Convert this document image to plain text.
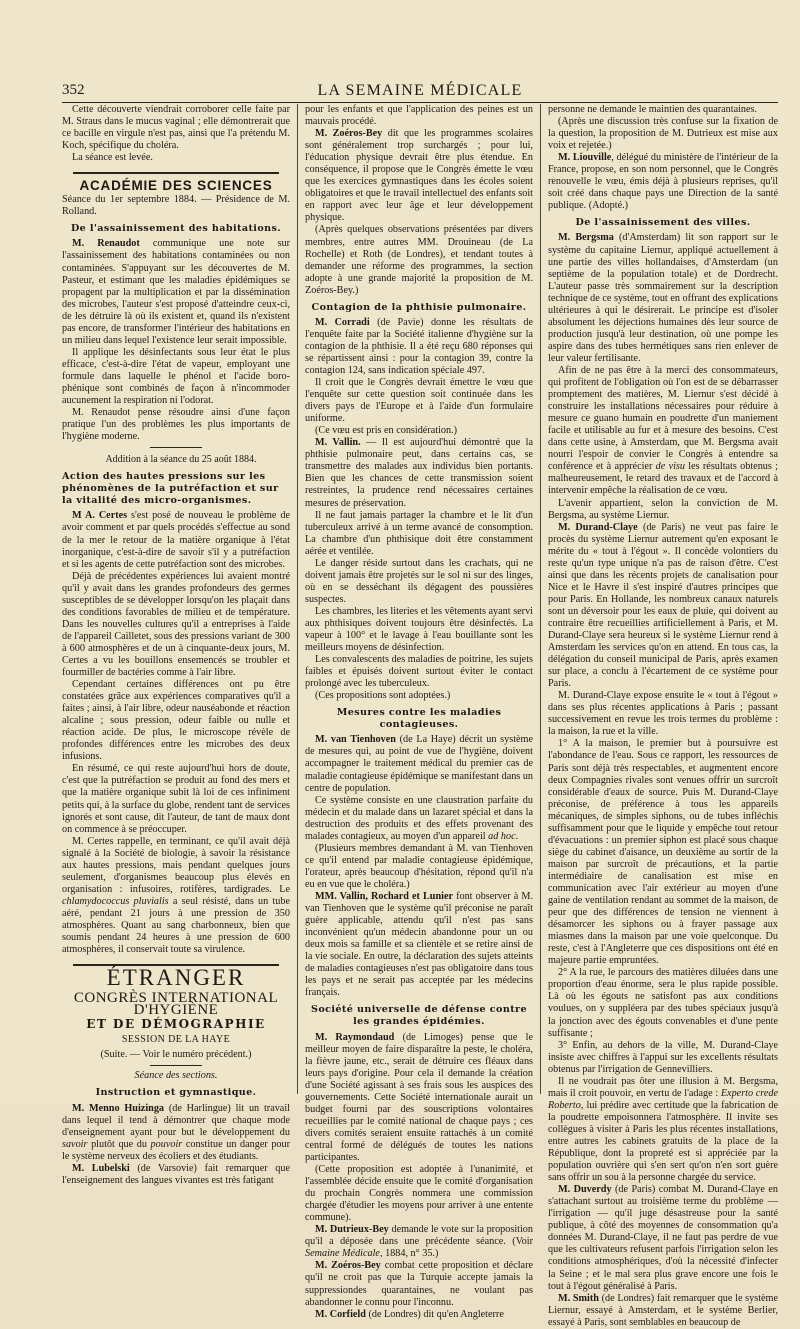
352	LA SEMAINE MÉDICALE

Cette découverte viendrait corroborer celle faite par M. Straus dans le mucus vaginal ; elle démontrerait que ce bacille en virgule n'est pas, ainsi que l'a prétendu M. Koch, spécifique du choléra.

La séance est levée.

ACADÉMIE DES SCIENCES

Séance du 1er septembre 1884. — Présidence de M. Rolland.

De l'assainissement des habitations.

M. Renaudot communique une note sur l'assainissement des habitations contaminées ou non contaminées. S'appuyant sur les découvertes de M. Pasteur, et estimant que les maladies épidémiques se propagent par la multiplication et par la dissémination des microbes, l'auteur s'est proposé d'atteindre ceux-ci, de les détruire là où ils existent et, quand ils n'existent pas encore, de transformer l'intérieur des habitations en un milieu dans lequel l'existence leur serait impossible.

Il applique les désinfectants sous leur état le plus efficace, c'est-à-dire l'état de vapeur, employant une formule dans laquelle le phénol et l'acide boro-phénique sont combinés de façon à n'incommoder aucunement la respiration ni l'odorat.

M. Renaudot pense résoudre ainsi d'une façon pratique l'un des problèmes les plus importants de l'hygiène moderne.

Addition à la séance du 25 août 1884.

Action des hautes pressions sur les phénomènes de la putréfaction et sur la vitalité des micro-organismes.

M A. Certes s'est posé de nouveau le problème de avoir comment et par quels procédés s'effectue au sond de la mer le retour de la matière organique à l'état inorganique, c'est-à-dire de savoir s'il y a putréfaction et si les agents de cette putréfaction sont des microbes.

Déjà de précédentes expériences lui avaient montré qu'il y avait dans les grandes profondeurs des germes susceptibles de se développer lorsqu'on les plaçait dans des conditions favorables de milieu et de température. Dans les nouvelles cultures qu'il a entreprises à l'aide de l'appareil Cailletet, sous des pressions variant de 300 à 600 atmosphères et de un à cinquante-deux jours, M. Certes a vu les bouillons ensemencés se troubler et fourmiller de bactéries comme à l'air libre.

Cependant certaines différences ont pu être constatées grâce aux expériences comparatives qu'il a faites ; ainsi, à l'air libre, odeur nauséabonde et réaction alcaline ; sous pression, odeur faible ou nulle et réaction acide. De plus, le microscope révèle de profondes différences entre les microbes des deux infusions.

En résumé, ce qui reste aujourd'hui hors de doute, c'est que la putréfaction se produit au fond des mers et que la matière organique subit là loi de ces infiniment petits qui, à la surface du globe, rendent tant de services ignorés et sont cause, dit l'auteur, de tant de maux dont on commence à se préoccuper.

M. Certes rappelle, en terminant, ce qu'il avait déjà signalé à la Société de biologie, à savoir la résistance aux hautes pressions, mais pendant quelques jours seulement, d'organismes beaucoup plus élevés en organisation : infusoires, rotifères, tardigrades. Le chlamydococcus pluvialis a seul résisté, dans un tube aéré, pendant 21 jours à une pression de 350 atmosphères. Quant au sang charbonneux, bien que soumis pendant 24 heures à une pression de 600 atmosphères, il conservait toute sa virulence.

ÉTRANGER
CONGRÈS INTERNATIONAL D'HYGIÈNE
ET DE DÉMOGRAPHIE
SESSION DE LA HAYE

(Suite. — Voir le numéro précédent.)

Séance des sections.

Instruction et gymnastique.

M. Menno Huizinga (de Harlingue) lit un travail dans lequel il tend à démontrer que chaque mode d'enseignement ayant pour but le développement du savoir plutôt que du pouvoir constitue un danger pour le système nerveux des écoliers et des étudiants.

M. Lubelski (de Varsovie) fait remarquer que l'enseignement des langues vivantes est très fatigant

pour les enfants et que l'application des peines est un mauvais procédé.

M. Zoéros-Bey dit que les programmes scolaires sont généralement trop surchargés ; pour lui, l'éducation physique devrait être plus étendue. En conséquence, il propose que le Congrès émette le vœu que les exercices gymnastiques dans les écoles soient obligatoires et que le travail intellectuel des enfants soit en rapport avec leur âge et leur développement physique.

(Après quelques observations présentées par divers membres, entre autres MM. Drouineau (de La Rochelle) et Roth (de Londres), et tendant toutes à demander une réforme des programmes, la section adopte à une grande majorité la proposition de M. Zoéros-Bey.)

Contagion de la phthisie pulmonaire.

M. Corradi (de Pavie) donne les résultats de l'enquête faite par la Société italienne d'hygiène sur la contagion de la phthisie. Il a été reçu 680 réponses qui se répartissent ainsi : pour la contagion 39, contre la contagion 124, sans indication spéciale 497.

Il croit que le Congrès devrait émettre le vœu que l'enquête sur cette question soit continuée dans les divers pays de l'Europe et à l'aide d'un formulaire uniforme.

(Ce vœu est pris en considération.)

M. Vallin. — Il est aujourd'hui démontré que la phthisie pulmonaire peut, dans certains cas, se transmettre des malades aux individus bien portants. Bien que les chances de cette transmission soient restreintes, la prudence rend nécessaires certaines mesures de préservation.

Il ne faut jamais partager la chambre et le lit d'un tuberculeux arrivé à un terme avancé de consomption. La chambre d'un phthisique doit être constamment aérée et ventilée.

Le danger réside surtout dans les crachats, qui ne doivent jamais être projetés sur le sol ni sur des linges, où en se desséchant ils dégagent des poussières suspectes.

Les chambres, les literies et les vêtements ayant servi aux phthisiques doivent toujours être désinfectés. La vapeur à 100° et le lavage à l'eau bouillante sont les meilleurs moyens de désinfection.

Les convalescents des maladies de poitrine, les sujets faibles et épuisés doivent surtout éviter le contact prolongé avec les tuberculeux.

(Ces propositions sont adoptées.)

Mesures contre les maladies contagieuses.

M. van Tienhoven (de La Haye) décrit un système de mesures qui, au point de vue de l'hygiène, doivent accompagner le traitement médical du premier cas de maladie contagieuse épidémique se manifestant dans un centre de population.

Ce système consiste en une claustration parfaite du médecin et du malade dans un lazaret spécial et dans la destruction des produits et des effets provenant des malades contagieux, au moyen d'un appareil ad hoc.

(Plusieurs membres demandant à M. van Tienhoven ce qu'il entend par maladie contagieuse épidémique, l'orateur, après beaucoup d'hésitation, répond qu'il n'a eu en vue que le choléra.)

MM. Vallin, Rochard et Lunier font observer à M. van Tienhoven que le système qu'il préconise ne paraît guère applicable, attendu qu'il n'est pas sans inconvénient qu'un médecin abandonne pour un ou deux mois sa famille et sa clientèle et se retire ainsi de la vie sociale. En outre, la déclaration des sujets atteints de maladies contagieuses n'est pas obligatoire dans tous les pays et ne serait pas acceptée par les médecins français.

Société universelle de défense contre les grandes épidémies.

M. Raymondaud (de Limoges) pense que le meilleur moyen de faire disparaître la peste, le choléra, la fièvre jaune, etc., serait de détruire ces fléaux dans leurs pays d'origine. Pour cela il demande la création d'une Société agissant à ses frais sous les auspices des gouvernements. Cette Société internationale aurait un budget fourni par des souscriptions volontaires recueillies par le comité national de chaque pays ; ces divers comités seraient ensuite rattachés à un comité central formé de délégués de toutes les nations participantes.

(Cette proposition est adoptée à l'unanimité, et l'assemblée décide ensuite que le comité d'organisation du prochain Congrès nommera une commission chargée d'étudier les moyens pour arriver à une entente commune).

M. Dutrieux-Bey demande le vote sur la proposition qu'il a déposée dans une précédente séance. (Voir Semaine Médicale, 1884, n° 35.)

M. Zoéros-Bey combat cette proposition et déclare qu'il ne croit pas que la Turquie accepte jamais la suppressiondes quarantaines, ne voulant pas abandonner le connu pour l'inconnu.

M. Corfield (de Londres) dit qu'en Angleterre

personne ne demande le maintien des quarantaines.

(Après une discussion très confuse sur la fixation de la question, la proposition de M. Dutrieux est mise aux voix et rejetée.)

M. Liouville, délégué du ministère de l'intérieur de la France, propose, en son nom personnel, que le Congrès renouvelle le vœu, émis déjà à plusieurs reprises, qu'il soit créé dans chaque pays une Direction de la santé publique. (Adopté.)

De l'assainissement des villes.

M. Bergsma (d'Amsterdam) lit son rapport sur le système du capitaine Liernur, appliqué actuellement à une partie des villes hollandaises, d'Amsterdam (un septième de la population totale) et de Dordrecht. L'auteur passe très sommairement sur la description technique de ce système, tout en offrant des explications ultérieures à qui le désirerait. Le principe est d'isoler absolument les déjections humaines dès leur source de production jusqu'à leur destination, où une pompe les aspire dans des tubes hermétiques sans rien enlever de leur valeur fertilisante.

Afin de ne pas être à la merci des consommateurs, qui profitent de l'obligation où l'on est de se débarrasser promptement des matières, M. Liernur s'est décidé à construire les installations nécessaires pour réduire à mesure ce guano humain en poudrette d'un maniement facile et utilisable au fur et à mesure des besoins. C'est dans cette usine, à Amsterdam, que M. Bergsma avait nourri l'espoir de convier le Congrès à entendre sa conférence et à apprécier de visu les résultats obtenus ; malheureusement, le retard des travaux et de l'accord à intervenir empêche la réalisation de ce vœu.

L'avenir appartient, selon la conviction de M. Bergsma, au système Liernur.

M. Durand-Claye (de Paris) ne veut pas faire le procès du système Liernur autrement qu'en exposant le mérite du « tout à l'égout ». Il concède volontiers du reste qu'un type unique n'a pas de raison d'être. C'est ainsi que dans les récents projets de canalisation pour Nice et le Havre il s'est inspiré d'autres principes que pour Paris. En Hollande, les nombreux canaux naturels sont un déversoir pour les eaux de pluie, qui doivent au contraire être recueillies artificiellement à Paris, et M. Durand-Claye sera heureux si le système Liernur rend à Amsterdam les services qu'on en attend. En tous cas, la délégation du conseil municipal de Paris, après examen sur place, a conclu à l'écartement de ce système pour Paris.

M. Durand-Claye expose ensuite le « tout à l'égout » dans ses plus récentes applications à Paris ; passant successivement en revue les trois termes du problème : la maison, la rue et la ville.

1° A la maison, le premier but à poursuivre est l'abondance de l'eau. Sous ce rapport, les ressources de Paris sont déjà très respectables, et augmentent encore deux Compagnies rivales sont venues offrir un surcroît considérable d'eaux de source. Puis M. Durand-Claye préconise, de préférence à tous les appareils mécaniques, de simples siphons, ou de tubes infléchis suffisamment pour que le liquide y empêche tout retour d'évacuations : un premier siphon est placé sous chaque siège du cabinet d'aisance, un deuxième au sortir de la maison par surcroît de précautions, et la partie intermédiaire de canalisation est mise en communication avec l'air extérieur au moyen d'une gaine de ventilation rendant au sommet de la maison, de peur que des différences de tension ne viennent à désamorcer les siphons ou à frayer passage aux miasmes dans la maison par une voie quelconque. Du reste, c'est à l'Angleterre que ces dispositions ont été en majeure partie empruntées.

2° A la rue, le parcours des matières diluées dans une proportion d'eau énorme, sera le plus rapide possible. Là où les égouts ne satisfont pas aux conditions voulues, on y suppléera par des tubes spéciaux jusqu'à la jonction avec des égouts convenables et d'une pente suffisante ;

3° Enfin, au dehors de la ville, M. Durand-Claye insiste avec chiffres à l'appui sur les excellents résultats obtenus par l'irrigation de Gennevilliers.

Il ne voudrait pas ôter une illusion à M. Bergsma, mais il croit pouvoir, en vertu de l'adage : Experto crede Roberto, lui prédire avec certitude que la fabrication de la poudrette empoisonnera l'atmosphère. Il invite ses collègues à visiter à Paris les plus récentes installations, entre autres les cabinets gratuits de la place de la République, dont la propreté est si appréciée par la population ouvrière qui s'en sert qu'on n'en sort guère sans offrir un sou à la personne chargée du service.

M. Duverdy (de Paris) combat M. Durand-Claye en s'attachant surtout au troisième terme du problème — l'irrigation — qu'il juge désastreuse pour la santé publique, à côté des moyennes de consommation qu'a données M. Durand-Claye, il ne faut pas perdre de vue que les cultivateurs refusent parfois l'irrigation selon les conditions atmosphériques, d'où la nécessité d'infecter la Seine ; et le mal sera plus grave encore une fois le tout à l'égout généralisé à Paris.

M. Smith (de Londres) fait remarquer que le système Liernur, essayé à Amsterdam, et le système Berlier, essayé à Paris, sont semblables en beaucoup de
